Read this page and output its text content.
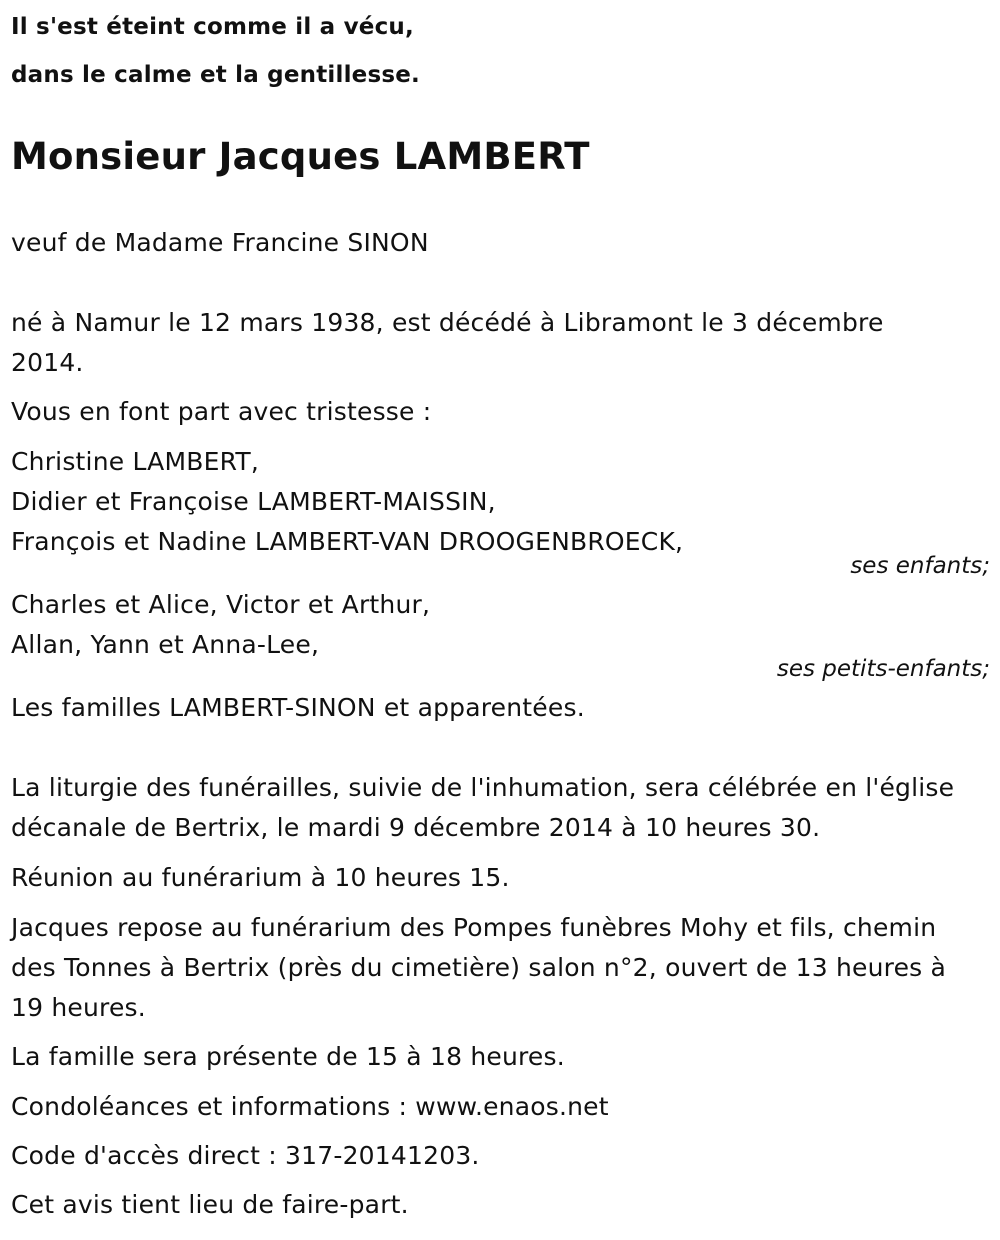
Il s'est éteint comme il a vécu,
dans le calme et la gentillesse.
Monsieur Jacques LAMBERT
veuf de Madame Francine SINON
né à Namur le 12 mars 1938, est décédé à Libramont le 3 décembre
2014.
Vous en font part avec tristesse :
Christine LAMBERT,
Didier et Françoise LAMBERT-MAISSIN,
François et Nadine LAMBERT-VAN DROOGENBROECK,
ses enfants;
Charles et Alice, Victor et Arthur,
Allan, Yann et Anna-Lee,
ses petits-enfants;
Les familles LAMBERT-SINON et apparentées.
La liturgie des funérailles, suivie de l'inhumation, sera célébrée en l'église
décanale de Bertrix, le mardi 9 décembre 2014 à 10 heures 30.
Réunion au funérarium à 10 heures 15.
Jacques repose au funérarium des Pompes funèbres Mohy et fils, chemin
des Tonnes à Bertrix (près du cimetière) salon n°2, ouvert de 13 heures à
19 heures.
La famille sera présente de 15 à 18 heures.
Condoléances et informations : www.enaos.net
Code d'accès direct : 317-20141203.
Cet avis tient lieu de faire-part.
